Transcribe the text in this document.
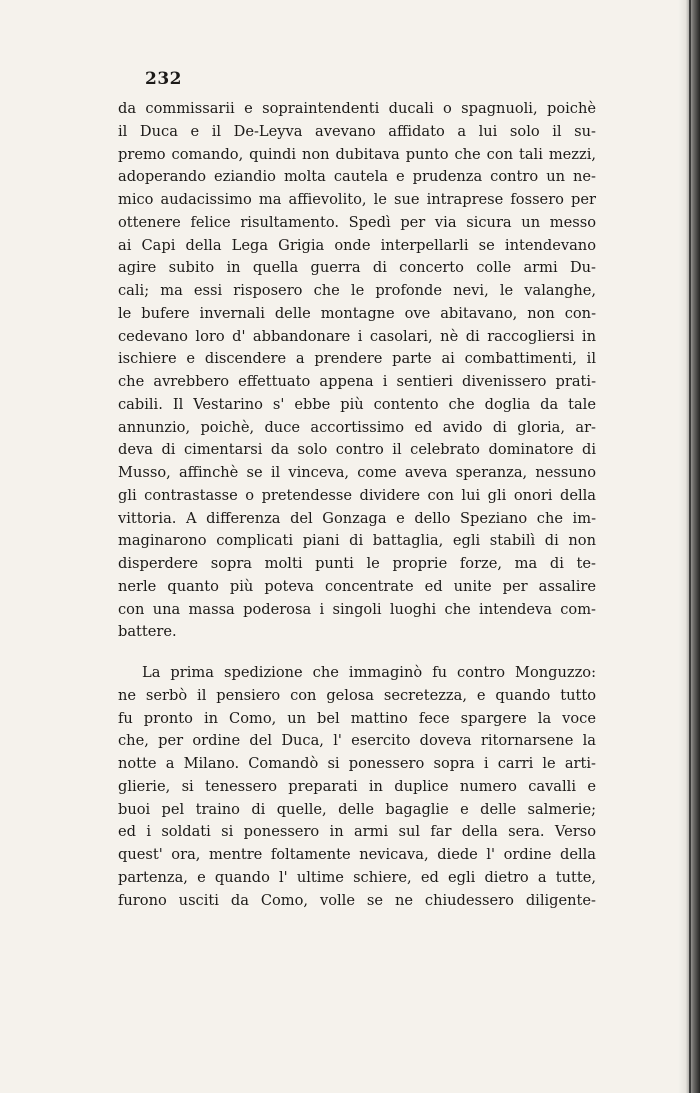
232
da commissarii e sopraintendenti ducali o spagnuoli, poichè
il Duca e il De-Leyva avevano affidato a lui solo il su-
premo comando, quindi non dubitava punto che con tali mezzi,
adoperando eziandio molta cautela e prudenza contro un ne-
mico audacissimo ma affievolito, le sue intraprese fossero per
ottenere felice risultamento. Spedì per via sicura un messo
ai Capi della Lega Grigia onde interpellarli se intendevano
agire subito in quella guerra di concerto colle armi Du-
cali; ma essi risposero che le profonde nevi, le valanghe,
le bufere invernali delle montagne ove abitavano, non con-
cedevano loro d' abbandonare i casolari, nè di raccogliersi in
ischiere e discendere a prendere parte ai combattimenti, il
che avrebbero effettuato appena i sentieri divenissero prati-
cabili. Il Vestarino s' ebbe più contento che doglia da tale
annunzio, poichè, duce accortissimo ed avido di gloria, ar-
deva di cimentarsi da solo contro il celebrato dominatore di
Musso, affinchè se il vinceva, come aveva speranza, nessuno
gli contrastasse o pretendesse dividere con lui gli onori della
vittoria. A differenza del Gonzaga e dello Speziano che im-
maginarono complicati piani di battaglia, egli stabilì di non
disperdere sopra molti punti le proprie forze, ma di te-
nerle quanto più poteva concentrate ed unite per assalire
con una massa poderosa i singoli luoghi che intendeva com-
battere.
La prima spedizione che immaginò fu contro Monguzzo:
ne serbò il pensiero con gelosa secretezza, e quando tutto
fu pronto in Como, un bel mattino fece spargere la voce
che, per ordine del Duca, l' esercito doveva ritornarsene la
notte a Milano. Comandò si ponessero sopra i carri le arti-
glierie, si tenessero preparati in duplice numero cavalli e
buoi pel traino di quelle, delle bagaglie e delle salmerie;
ed i soldati si ponessero in armi sul far della sera. Verso
quest' ora, mentre foltamente nevicava, diede l' ordine della
partenza, e quando l' ultime schiere, ed egli dietro a tutte,
furono usciti da Como, volle se ne chiudessero diligente-
